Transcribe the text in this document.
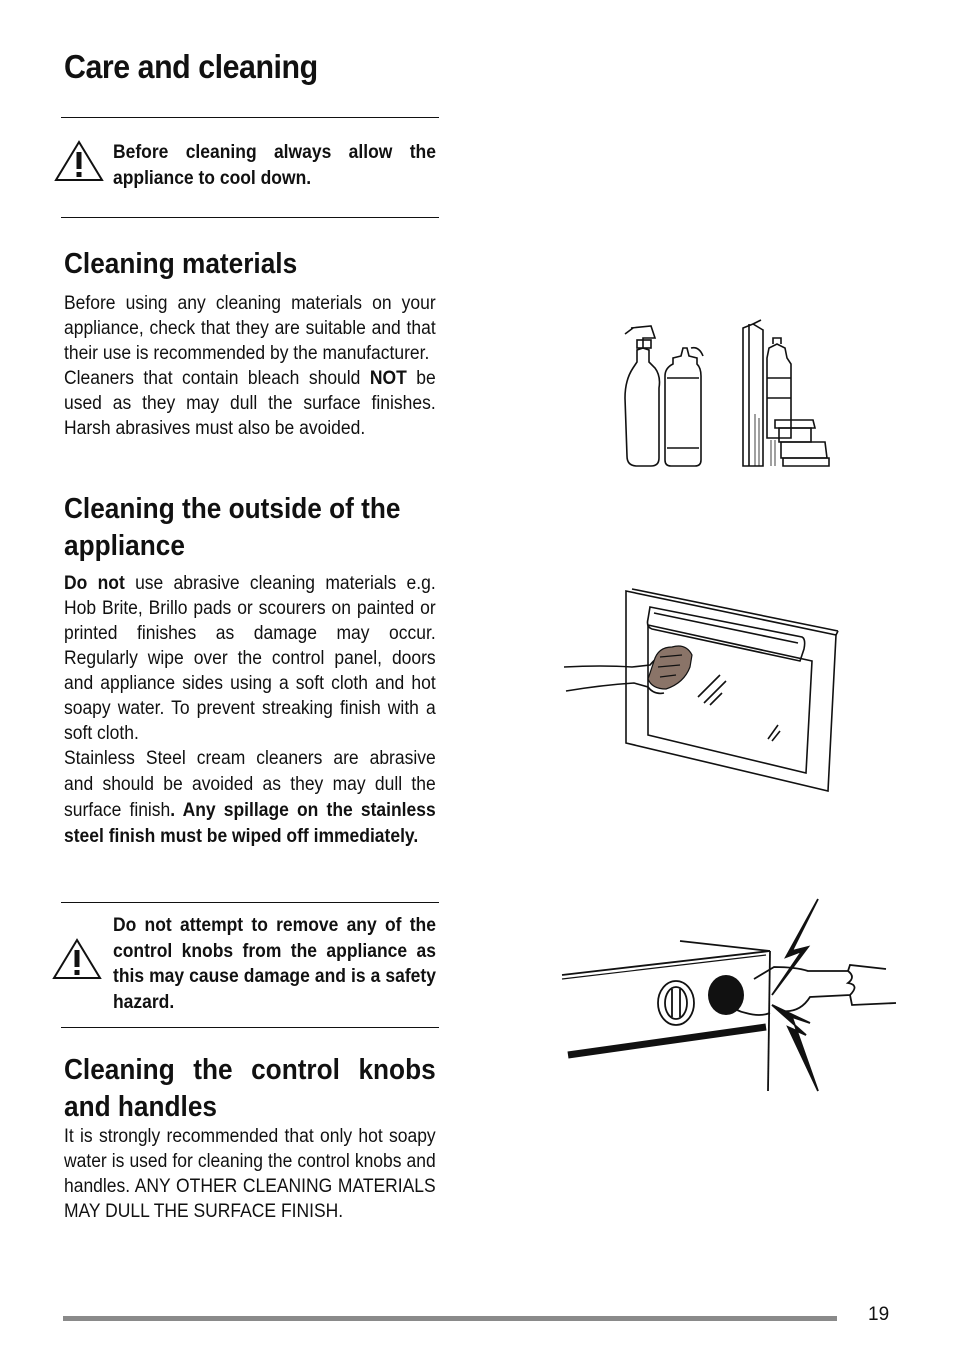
Care and cleaning
Before cleaning always allow the appliance to cool down.
Cleaning materials

Before using any cleaning materials on your appliance, check that they are suitable and that their use is recommended by the manufacturer.

Cleaners that contain bleach should NOT be used as they may dull the surface finishes. Harsh abrasives must also be avoided.

Cleaning the outside of the appliance

Do not use abrasive cleaning materials e.g. Hob Brite, Brillo pads or scourers on painted or printed finishes as damage may occur. Regularly wipe over the control panel, doors and appliance sides using a soft cloth and hot soapy water. To prevent streaking finish with a soft cloth.

Stainless Steel cream cleaners are abrasive and should be avoided as they may dull the surface finish. Any spillage on the stainless steel finish must be wiped off immediately.

Do not attempt to remove any of the control knobs from the appliance as this may cause damage and is a safety hazard.
Cleaning the control knobs and handles

It is strongly recommended that only hot soapy water is used for cleaning the control knobs and handles. ANY OTHER CLEANING MATERIALS MAY DULL THE SURFACE FINISH.

19
